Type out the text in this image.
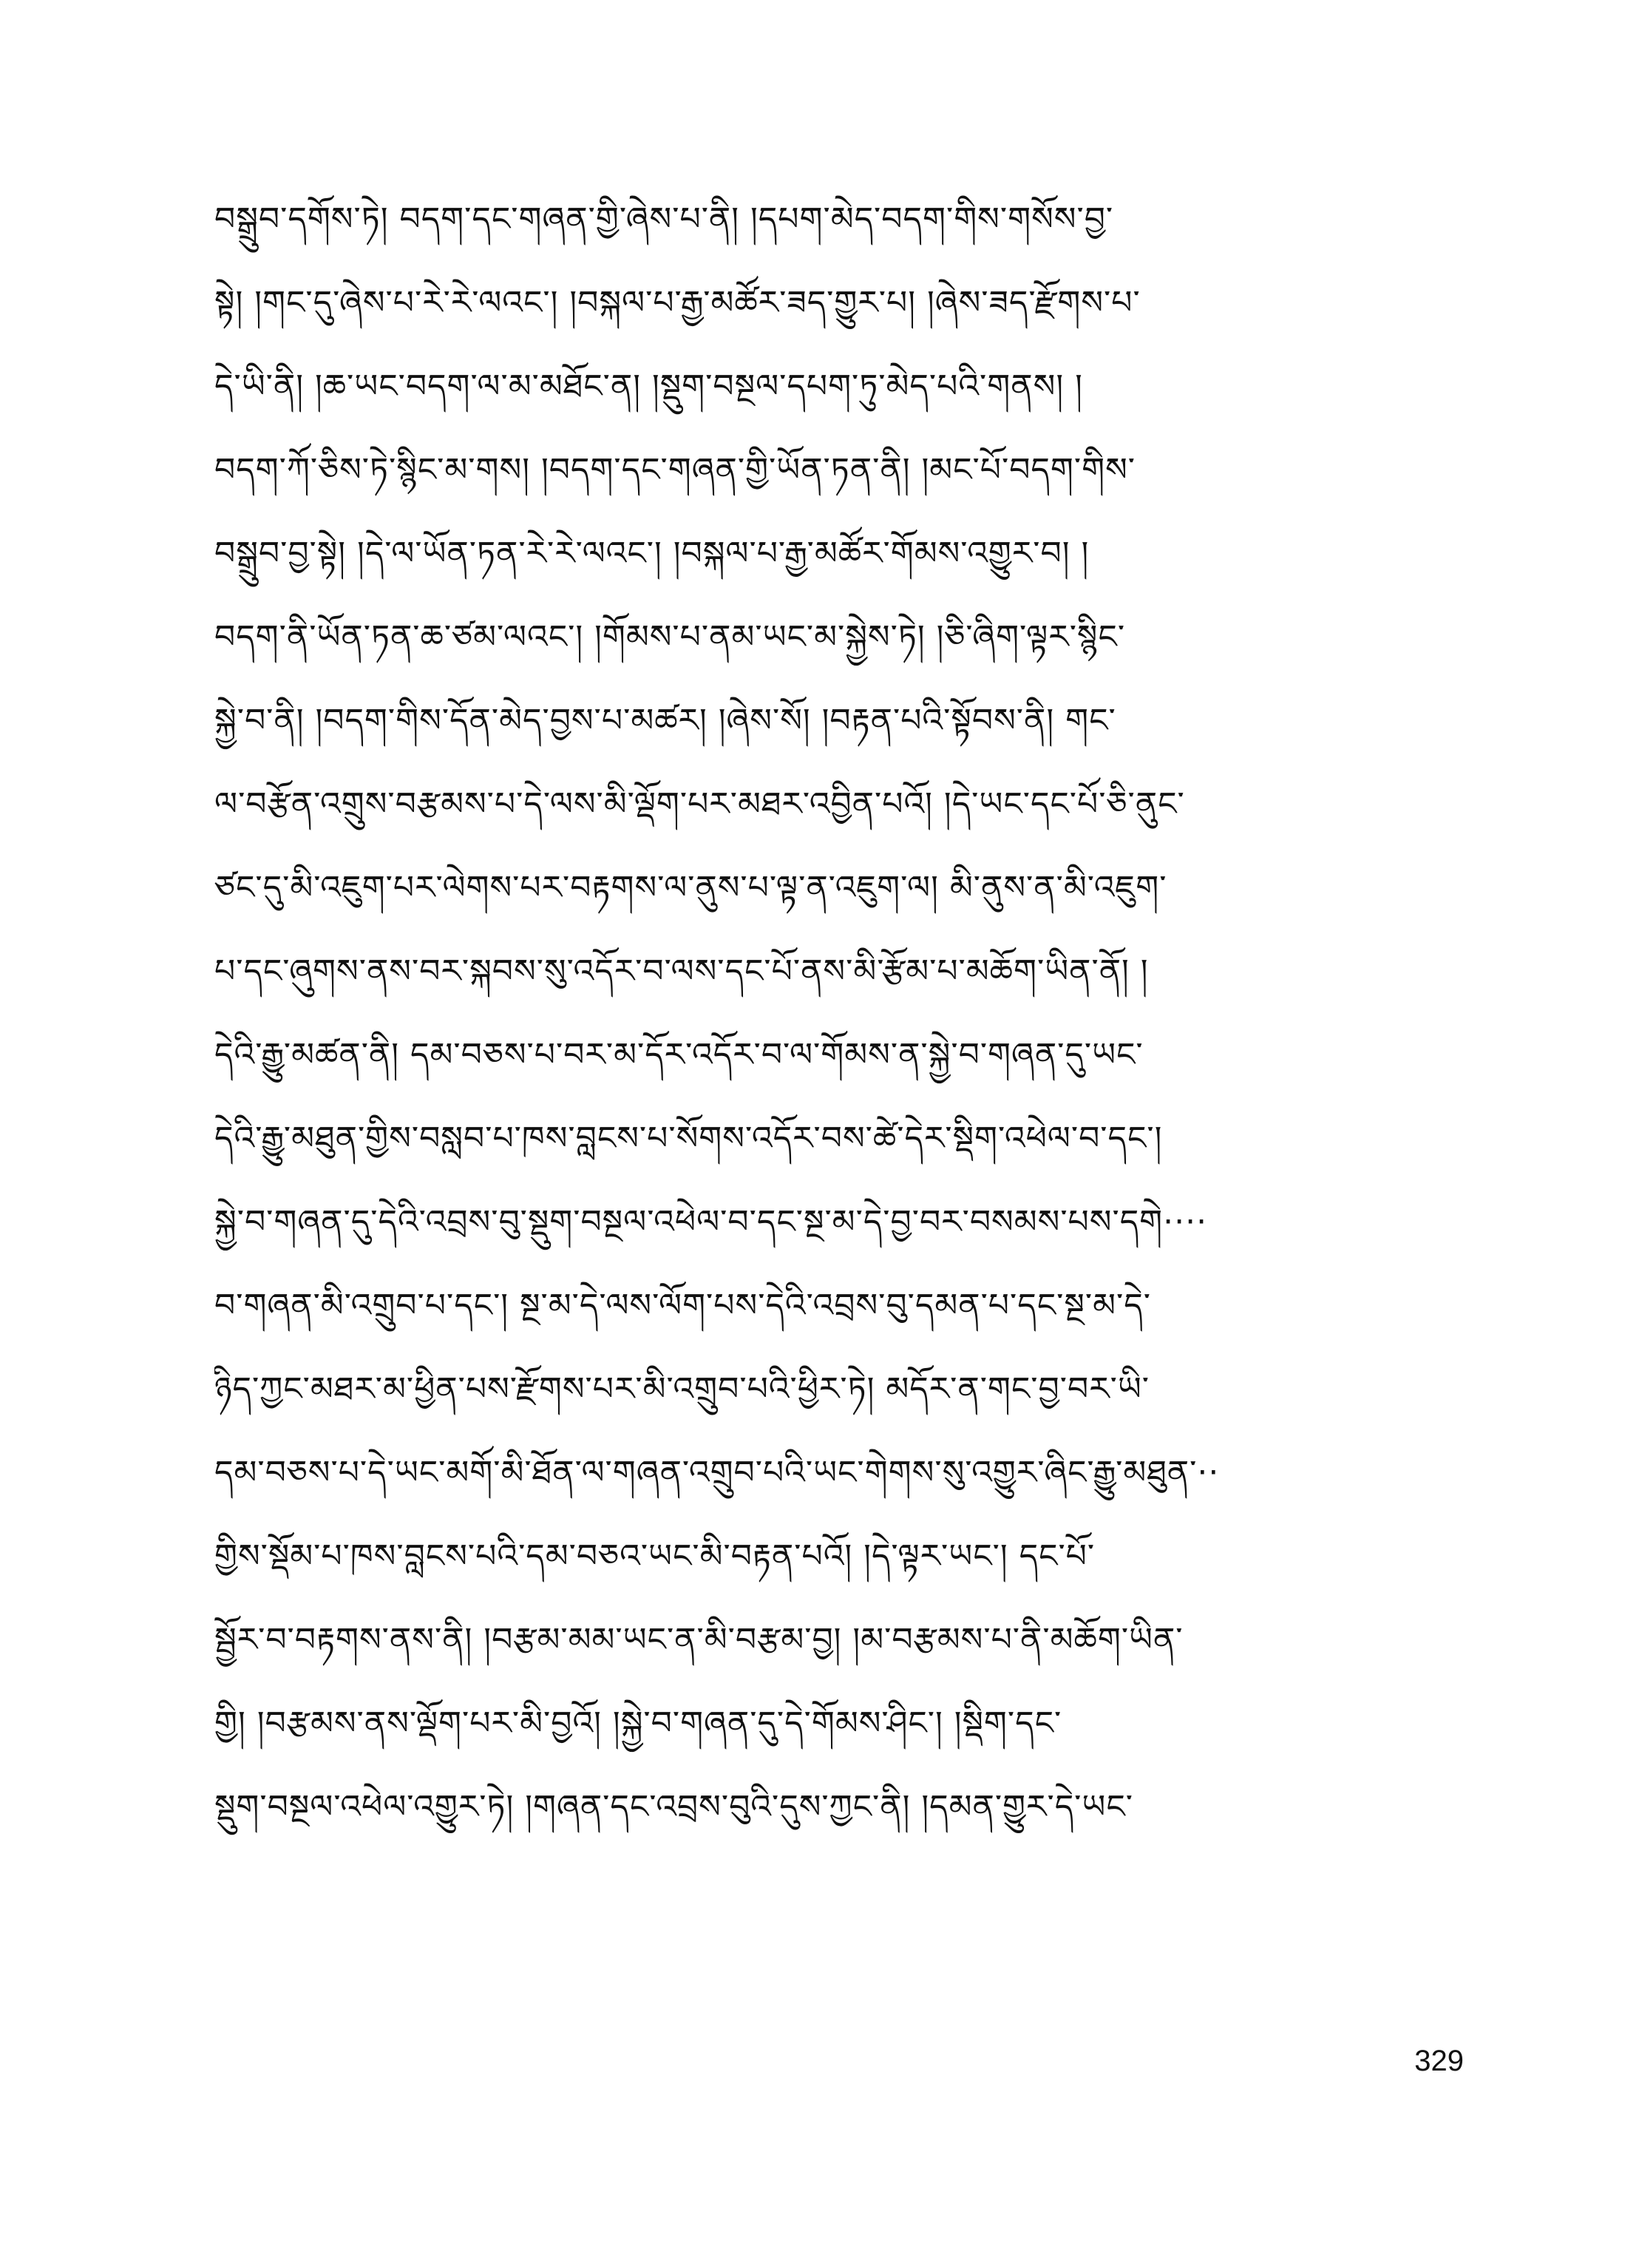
བསྒྲུབ་དགོས་ཏེ། བདག་དང་གཞན་གྱི་ཞེས་པ་ནི། །དཔག་མེད་བདག་གིས་གསོས་བྱ་
སྟེ། །གང་དུ་ཞེས་པ་རེ་རེ་ལའང་། །བསྐལ་པ་རྒྱ་མཚོར་ཟད་གྱུར་པ། །ཞེས་ཟད་རྫོགས་པ་
དེ་ཡི་ནི། །ཆ་ཡང་བདག་ལ་མ་མཐོང་ན། །སྡུག་བསྔལ་དཔག་ཏུ་མེད་པའི་གནས། །
བདག་ཀོ་ཅིས་ཏེ་སྙིང་མ་གས། །བདག་དང་གཞན་གྱི་ཡོན་ཏན་ནི། །མང་པོ་བདག་གིས་
བསྒྲུབ་བྱ་སྟེ། །དེ་ལ་ཡོན་ཏན་རེ་རེ་ལའང་། །བསྐལ་པ་རྒྱ་མཚོར་གོམས་འགྱུར་བ། །
བདག་ནི་ཡོན་ཏན་ཆ་ཙམ་ལའང་། །གོམས་པ་ནམ་ཡང་མ་སྐྱེས་ཏེ། །ཅི་ཞིག་ལྟར་སྙིང་
སྐྱེ་བ་ནི། །བདག་གིས་དོན་མེད་བྱས་པ་མཚར། །ཞེས་སོ། །བརྟན་པའི་སྟོབས་ནི། གང་
ལ་བརྩོན་འགྲུས་བརྩམས་པ་དེ་ལས་མི་ལྡོག་པར་མཐར་འབྱིན་པའོ། །དེ་ཡང་དང་པོ་ཅི་ནུང་
ཙང་དུ་མི་འཇུག་པར་ལེགས་པར་བརྟགས་ལ་ནུས་པ་ལྟ་ན་འཇུག་ལ། མི་ནུས་ན་མི་འཇུག་
པ་དང་ཞུགས་ནས་བར་སྐབས་སུ་འདོར་བ་ལས་དང་པོ་ནས་མི་རྩོམ་པ་མཆོག་ཡིན་ནོ། །
དེའི་རྒྱུ་མཚན་ནི། དམ་བཅས་པ་བར་མ་དོར་འདོར་བ་ལ་གོམས་ན་སྐྱེ་བ་གཞན་དུ་ཡང་
དེའི་རྒྱུ་མཐུན་གྱིས་བསླབ་པ་ཁས་བླངས་པ་སོགས་འདོར་བས་ཚེ་དེར་སྡིག་འཕེལ་བ་དང་།
སྐྱེ་བ་གཞན་དུ་དེའི་འབྲས་བུ་སྡུག་བསྔལ་འཕེལ་བ་དང་སྔ་མ་དེ་བྱ་བར་བསམས་པས་དགེ····
བ་གཞན་མི་འགྲུབ་པ་དང་། སྔ་མ་དེ་ལས་ལོག་པས་དེའི་འབྲས་བུ་དམན་པ་དང་སྔ་མ་དེ་
ཉིད་ཀྱང་མཐར་མ་ཕྱིན་པས་རྫོགས་པར་མི་འགྲུབ་པའི་ཕྱིར་ཏེ། མདོར་ན་གང་བྱ་བར་ཡི་
དམ་བཅས་པ་དེ་ཡང་མགོ་མི་ཐོན་ལ་གཞན་འགྲུབ་པའི་ཡང་གེགས་སུ་འགྱུར་ཞིང་རྒྱུ་མཐུན་··
གྱིས་སྡོམ་པ་ཁས་བླངས་པའི་དམ་བཅའ་ཡང་མི་བརྟན་པའོ། །དེ་ལྟར་ཡང་། དང་པོ་
སྦྱོར་བ་བརྟགས་ནས་ནི། །བརྩམ་མམ་ཡང་ན་མི་བརྩམ་བྱ། །མ་བརྩམས་པ་ནི་མཆོག་ཡིན་
གྱི། །བརྩམས་ནས་ལྡོག་པར་མི་བྱའོ། །སྐྱེ་བ་གཞན་དུ་དེ་གོམས་ཤིང་། །སྡིག་དང་
སྡུག་བསྔལ་འཕེལ་འགྱུར་ཏེ། །གཞན་དང་འབྲས་བུའི་དུས་ཀྱང་ནི། །དམན་གྱུར་དེ་ཡང་
329
